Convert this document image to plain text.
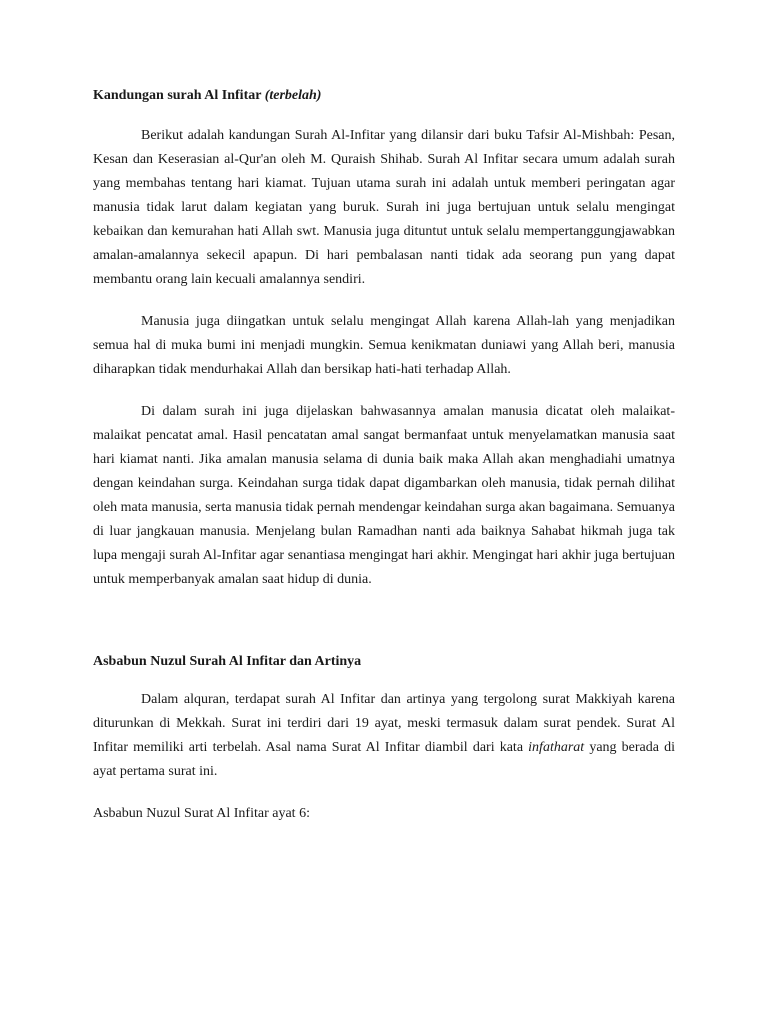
Kandungan surah Al Infitar (terbelah)

Berikut adalah kandungan Surah Al-Infitar yang dilansir dari buku Tafsir Al-Mishbah: Pesan, Kesan dan Keserasian al-Qur'an oleh M. Quraish Shihab. Surah Al Infitar secara umum adalah surah yang membahas tentang hari kiamat. Tujuan utama surah ini adalah untuk memberi peringatan agar manusia tidak larut dalam kegiatan yang buruk. Surah ini juga bertujuan untuk selalu mengingat kebaikan dan kemurahan hati Allah swt. Manusia juga dituntut untuk selalu mempertanggungjawabkan amalan-amalannya sekecil apapun. Di hari pembalasan nanti tidak ada seorang pun yang dapat membantu orang lain kecuali amalannya sendiri.

Manusia juga diingatkan untuk selalu mengingat Allah karena Allah-lah yang menjadikan semua hal di muka bumi ini menjadi mungkin. Semua kenikmatan duniawi yang Allah beri, manusia diharapkan tidak mendurhakai Allah dan bersikap hati-hati terhadap Allah.

Di dalam surah ini juga dijelaskan bahwasannya amalan manusia dicatat oleh malaikat-malaikat pencatat amal. Hasil pencatatan amal sangat bermanfaat untuk menyelamatkan manusia saat hari kiamat nanti. Jika amalan manusia selama di dunia baik maka Allah akan menghadiahi umatnya dengan keindahan surga. Keindahan surga tidak dapat digambarkan oleh manusia, tidak pernah dilihat oleh mata manusia, serta manusia tidak pernah mendengar keindahan surga akan bagaimana. Semuanya di luar jangkauan manusia. Menjelang bulan Ramadhan nanti ada baiknya Sahabat hikmah juga tak lupa mengaji surah Al-Infitar agar senantiasa mengingat hari akhir. Mengingat hari akhir juga bertujuan untuk memperbanyak amalan saat hidup di dunia.

Asbabun Nuzul Surah Al Infitar dan Artinya

Dalam alquran, terdapat surah Al Infitar dan artinya yang tergolong surat Makkiyah karena diturunkan di Mekkah. Surat ini terdiri dari 19 ayat, meski termasuk dalam surat pendek. Surat Al Infitar memiliki arti terbelah. Asal nama Surat Al Infitar diambil dari kata infatharat yang berada di ayat pertama surat ini.

Asbabun Nuzul Surat Al Infitar ayat 6:
